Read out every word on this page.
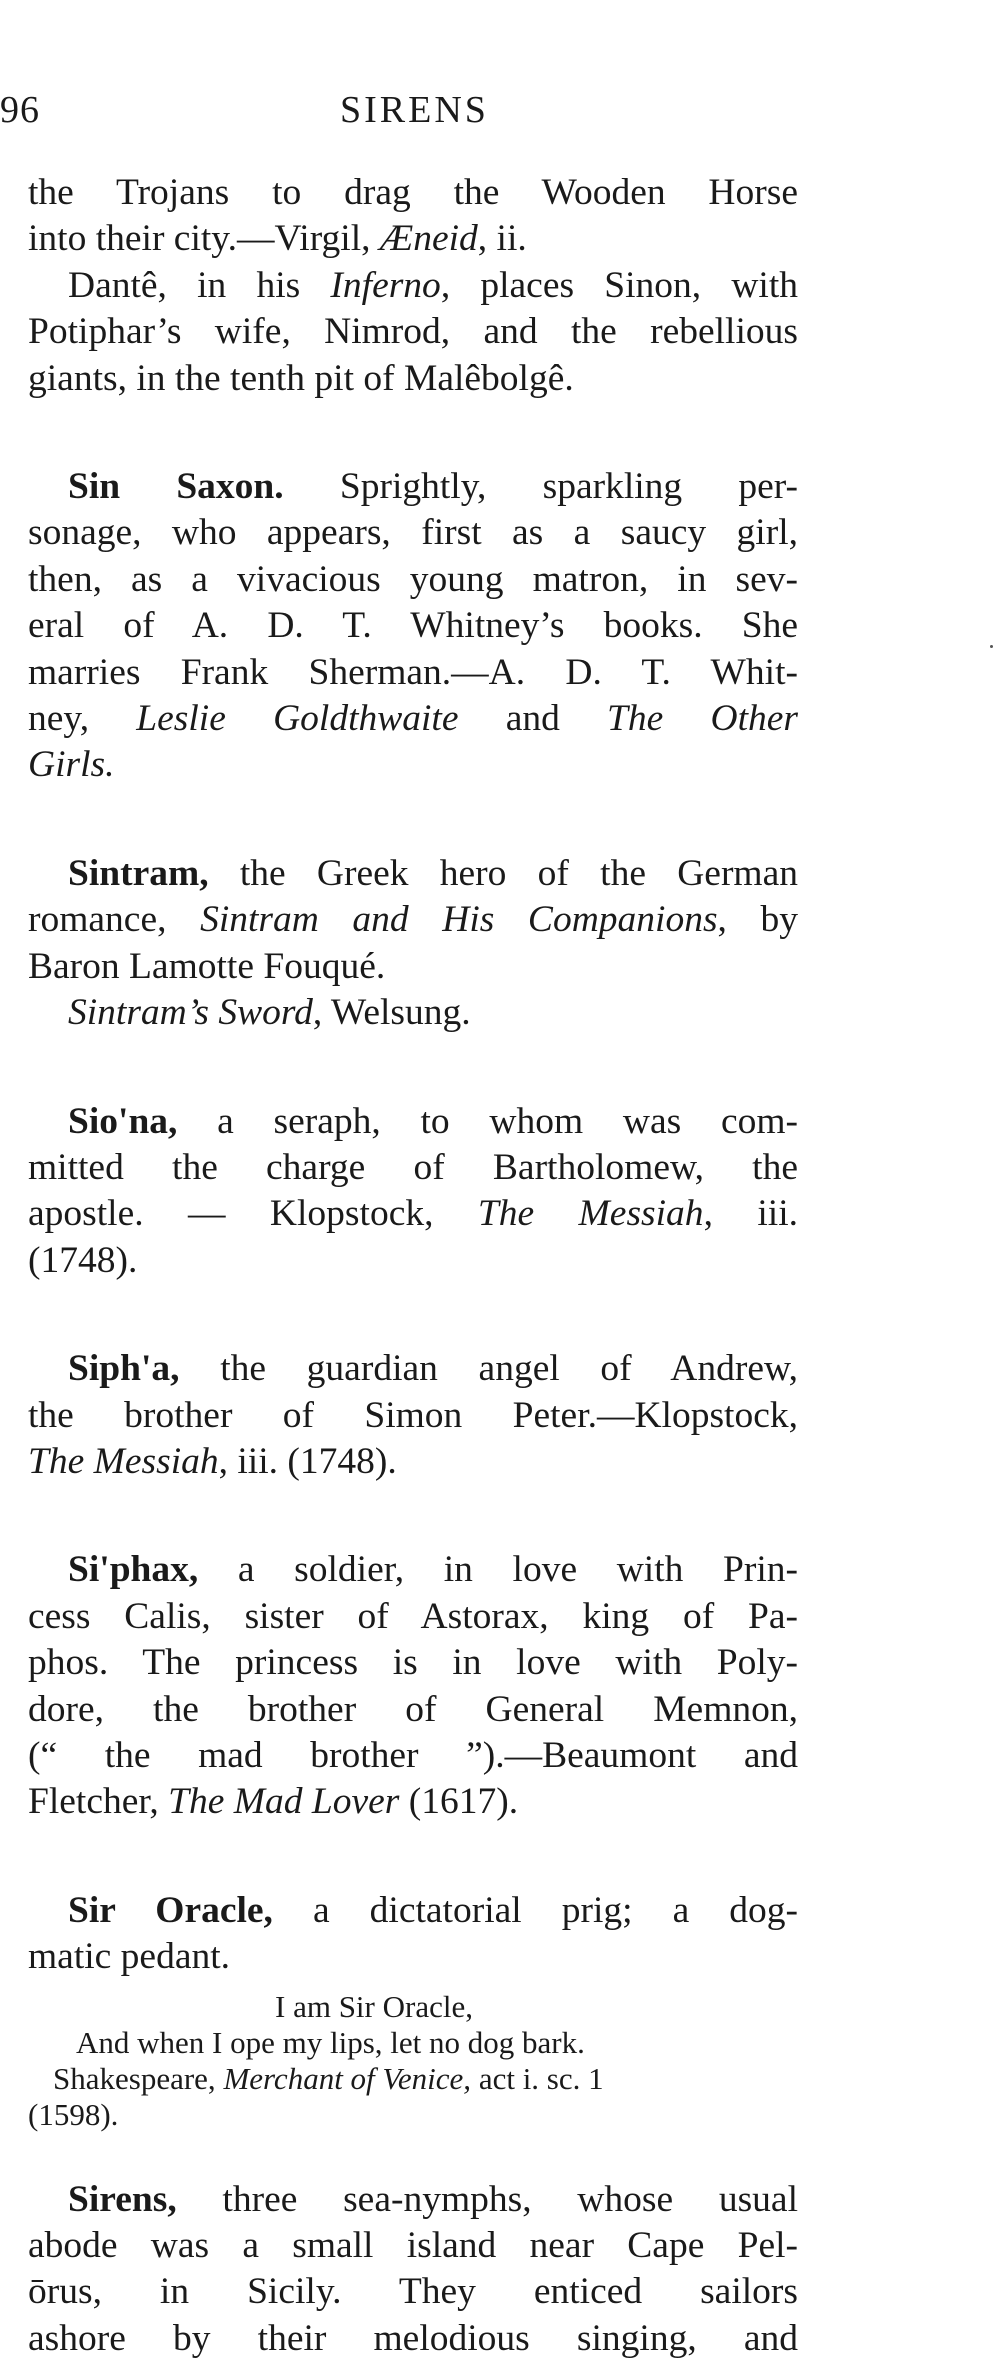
96	SIRENS
the Trojans to drag the Wooden Horse
into their city.—Virgil, Æneid, ii.
Dantê, in his Inferno, places Sinon, with
Potiphar’s wife, Nimrod, and the rebellious
giants, in the tenth pit of Malêbolgê.
Sin Saxon. Sprightly, sparkling per-
sonage, who appears, first as a saucy girl,
then, as a vivacious young matron, in sev-
eral of A. D. T. Whitney’s books. She
marries Frank Sherman.—A. D. T. Whit-
ney, Leslie Goldthwaite and The Other
Girls.
Sintram, the Greek hero of the German
romance, Sintram and His Companions, by
Baron Lamotte Fouqué.
Sintram’s Sword, Welsung.
Sio'na, a seraph, to whom was com-
mitted the charge of Bartholomew, the
apostle. — Klopstock, The Messiah, iii.
(1748).
Siph'a, the guardian angel of Andrew,
the brother of Simon Peter.—Klopstock,
The Messiah, iii. (1748).
Si'phax, a soldier, in love with Prin-
cess Calis, sister of Astorax, king of Pa-
phos. The princess is in love with Poly-
dore, the brother of General Memnon,
(“ the mad brother ”).—Beaumont and
Fletcher, The Mad Lover (1617).
Sir Oracle, a dictatorial prig; a dog-
matic pedant.
I am Sir Oracle,
And when I ope my lips, let no dog bark.
Shakespeare, Merchant of Venice, act i. sc. 1
(1598).
Sirens, three sea-nymphs, whose usual
abode was a small island near Cape Pel-
ōrus, in Sicily. They enticed sailors
ashore by their melodious singing, and
